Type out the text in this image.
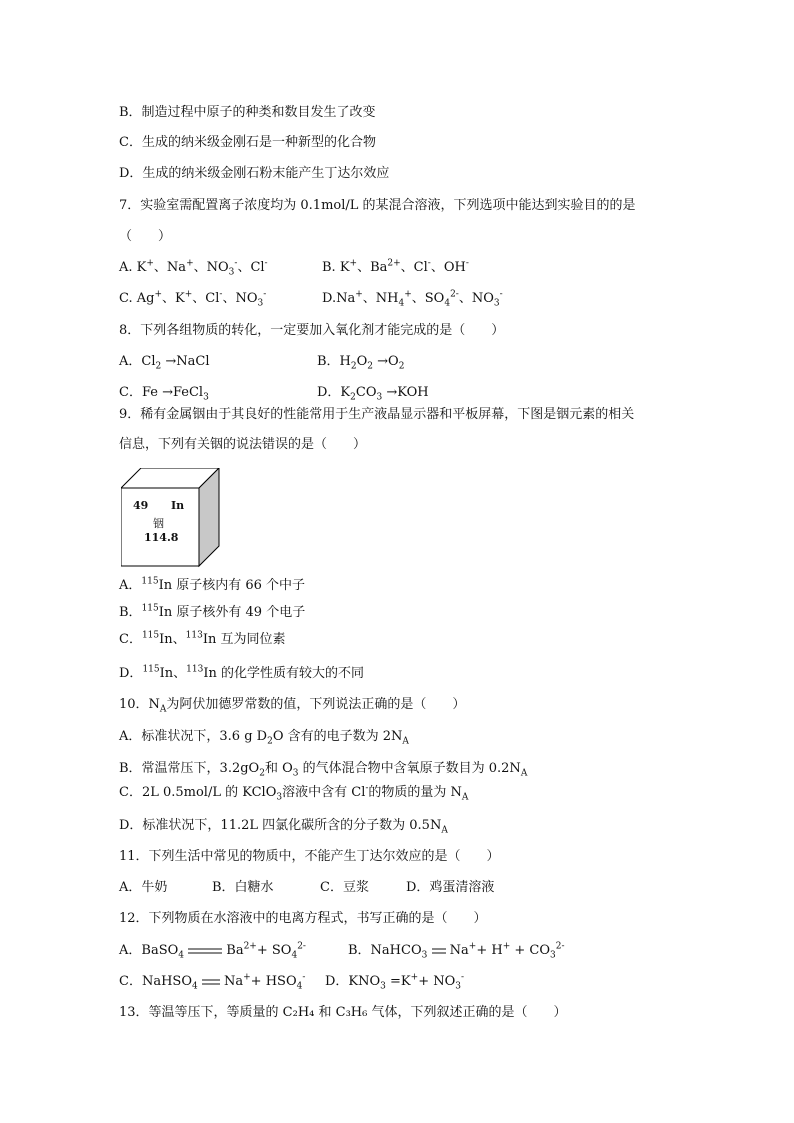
B．制造过程中原子的种类和数目发生了改变
C．生成的纳米级金刚石是一种新型的化合物
D．生成的纳米级金刚石粉末能产生丁达尔效应
7．实验室需配置离子浓度均为 0.1mol/L 的某混合溶液，下列选项中能达到实验目的的是
（　　）
A. K+、Na+、$NO_3^-$、Cl-	B. K+、$Ba^{2+}$、Cl-、OH-
C. Ag+、K+、Cl-、$NO_3^-$	D.Na+、$NH_4^+$、$SO_4^{2-}$、$NO_3^-$
8．下列各组物质的转化，一定要加入氧化剂才能完成的是（　　）
A．$Cl_2$ →NaCl	B．$H_2O_2 \to O_2$
C．Fe →FeCl$_3$	D．$K_2CO_3 \to KOH$
9．稀有金属铟由于其良好的性能常用于生产液晶显示器和平板屏幕，下图是铟元素的相关
信息，下列有关铟的说法错误的是（　　）
49 In
铟
114.8
A．$^{115}$In 原子核内有 66 个中子
B．$^{115}$In 原子核外有 49 个电子
C．$^{115}$In、$^{113}$In 互为同位素
D．$^{115}$In、$^{113}$In 的化学性质有较大的不同
10．$N_A$为阿伏加德罗常数的值，下列说法正确的是（　　）
A．标准状况下，3.6 g $D_2O$ 含有的电子数为 $2N_A$
B．常温常压下，$3.2gO_2$和 $O_3$ 的气体混合物中含氧原子数目为 $0.2N_A$
C．2L 0.5mol/L 的 KClO$_3$溶液中含有 Cl-的物质的量为 $N_A$
D．标准状况下，11.2L 四氯化碳所含的分子数为 $0.5N_A$
11．下列生活中常见的物质中，不能产生丁达尔效应的是（　　）
A．牛奶	B．白糖水	C．豆浆	D．鸡蛋清溶液
12．下列物质在水溶液中的电离方程式，书写正确的是（　　）
A．BaSO$_4$	$Ba^{2+}+ SO_4^{2-}$	B．NaHCO$_3$  $Na^++ H^+ + CO_3^{2-}$
C．NaHSO$_4$  $Na^++ HSO_4^-$ D．$KNO_3 =K^++ NO_3^-$
13．等温等压下，等质量的 C₂H₄ 和 C₃H₆ 气体，下列叙述正确的是（　　）
